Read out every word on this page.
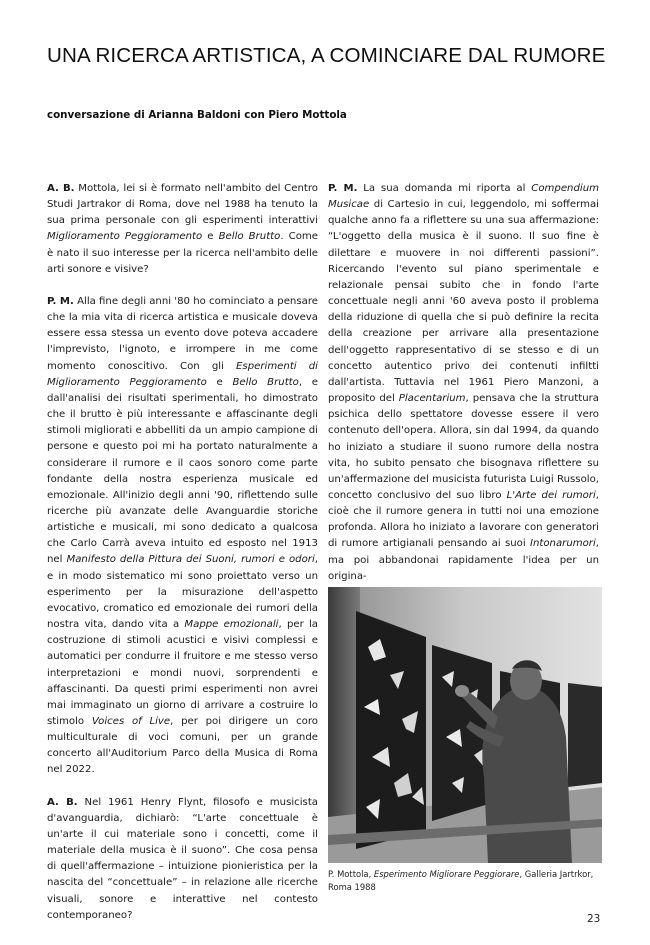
UNA RICERCA ARTISTICA, A COMINCIARE DAL RUMORE

conversazione di Arianna Baldoni con Piero Mottola

A. B. Mottola, lei si è formato nell'ambito del Centro Studi Jartrakor di Roma, dove nel 1988 ha tenuto la sua prima personale con gli esperimenti interattivi Miglioramento Peggioramento e Bello Brutto. Come è nato il suo interesse per la ricerca nell'ambito delle arti sonore e visive?

P. M. Alla fine degli anni '80 ho cominciato a pensare che la mia vita di ricerca artistica e musicale doveva essere essa stessa un evento dove poteva accadere l'imprevisto, l'ignoto, e irrompere in me come momento conoscitivo. Con gli Esperimenti di Miglioramento Peggioramento e Bello Brutto, e dall'analisi dei risultati sperimentali, ho dimostrato che il brutto è più interessante e affascinante degli stimoli migliorati e abbelliti da un ampio campione di persone e questo poi mi ha portato naturalmente a considerare il rumore e il caos sonoro come parte fondante della nostra esperienza musicale ed emozionale. All'inizio degli anni '90, riflettendo sulle ricerche più avanzate delle Avanguardie storiche artistiche e musicali, mi sono dedicato a qualcosa che Carlo Carrà aveva intuito ed esposto nel 1913 nel Manifesto della Pittura dei Suoni, rumori e odori, e in modo sistematico mi sono proiettato verso un esperimento per la misurazione dell'aspetto evocativo, cromatico ed emozionale dei rumori della nostra vita, dando vita a Mappe emozionali, per la costruzione di stimoli acustici e visivi complessi e automatici per condurre il fruitore e me stesso verso interpretazioni e mondi nuovi, sorprendenti e affascinanti. Da questi primi esperimenti non avrei mai immaginato un giorno di arrivare a costruire lo stimolo Voices of Live, per poi dirigere un coro multiculturale di voci comuni, per un grande concerto all'Auditorium Parco della Musica di Roma nel 2022.

A. B. Nel 1961 Henry Flynt, filosofo e musicista d'avanguardia, dichiarò: “L'arte concettuale è un'arte il cui materiale sono i concetti, come il materiale della musica è il suono”. Che cosa pensa di quell'affermazione – intuizione pionieristica per la nascita del “concettuale” – in relazione alle ricerche visuali, sonore e interattive nel contesto contemporaneo?

P. M. La sua domanda mi riporta al Compendium Musicae di Cartesio in cui, leggendolo, mi soffermai qualche anno fa a riflettere su una sua affermazione: “L'oggetto della musica è il suono. Il suo fine è dilettare e muovere in noi differenti passioni”. Ricercando l'evento sul piano sperimentale e relazionale pensai subito che in fondo l'arte concettuale negli anni '60 aveva posto il problema della riduzione di quella che si può definire la recita della creazione per arrivare alla presentazione dell'oggetto rappresentativo di se stesso e di un concetto autentico privo dei contenuti infiltti dall'artista. Tuttavia nel 1961 Piero Manzoni, a proposito del Placentarium, pensava che la struttura psichica dello spettatore dovesse essere il vero contenuto dell'opera. Allora, sin dal 1994, da quando ho iniziato a studiare il suono rumore della nostra vita, ho subito pensato che bisognava riflettere su un'affermazione del musicista futurista Luigi Russolo, concetto conclusivo del suo libro L'Arte dei rumori, cioè che il rumore genera in tutti noi una emozione profonda. Allora ho iniziato a lavorare con generatori di rumore artigianali pensando ai suoi Intonarumori, ma poi abbandonai rapidamente l'idea per un origina-

P. Mottola, Esperimento Migliorare Peggiorare, Galleria Jartrkor, Roma 1988

23
